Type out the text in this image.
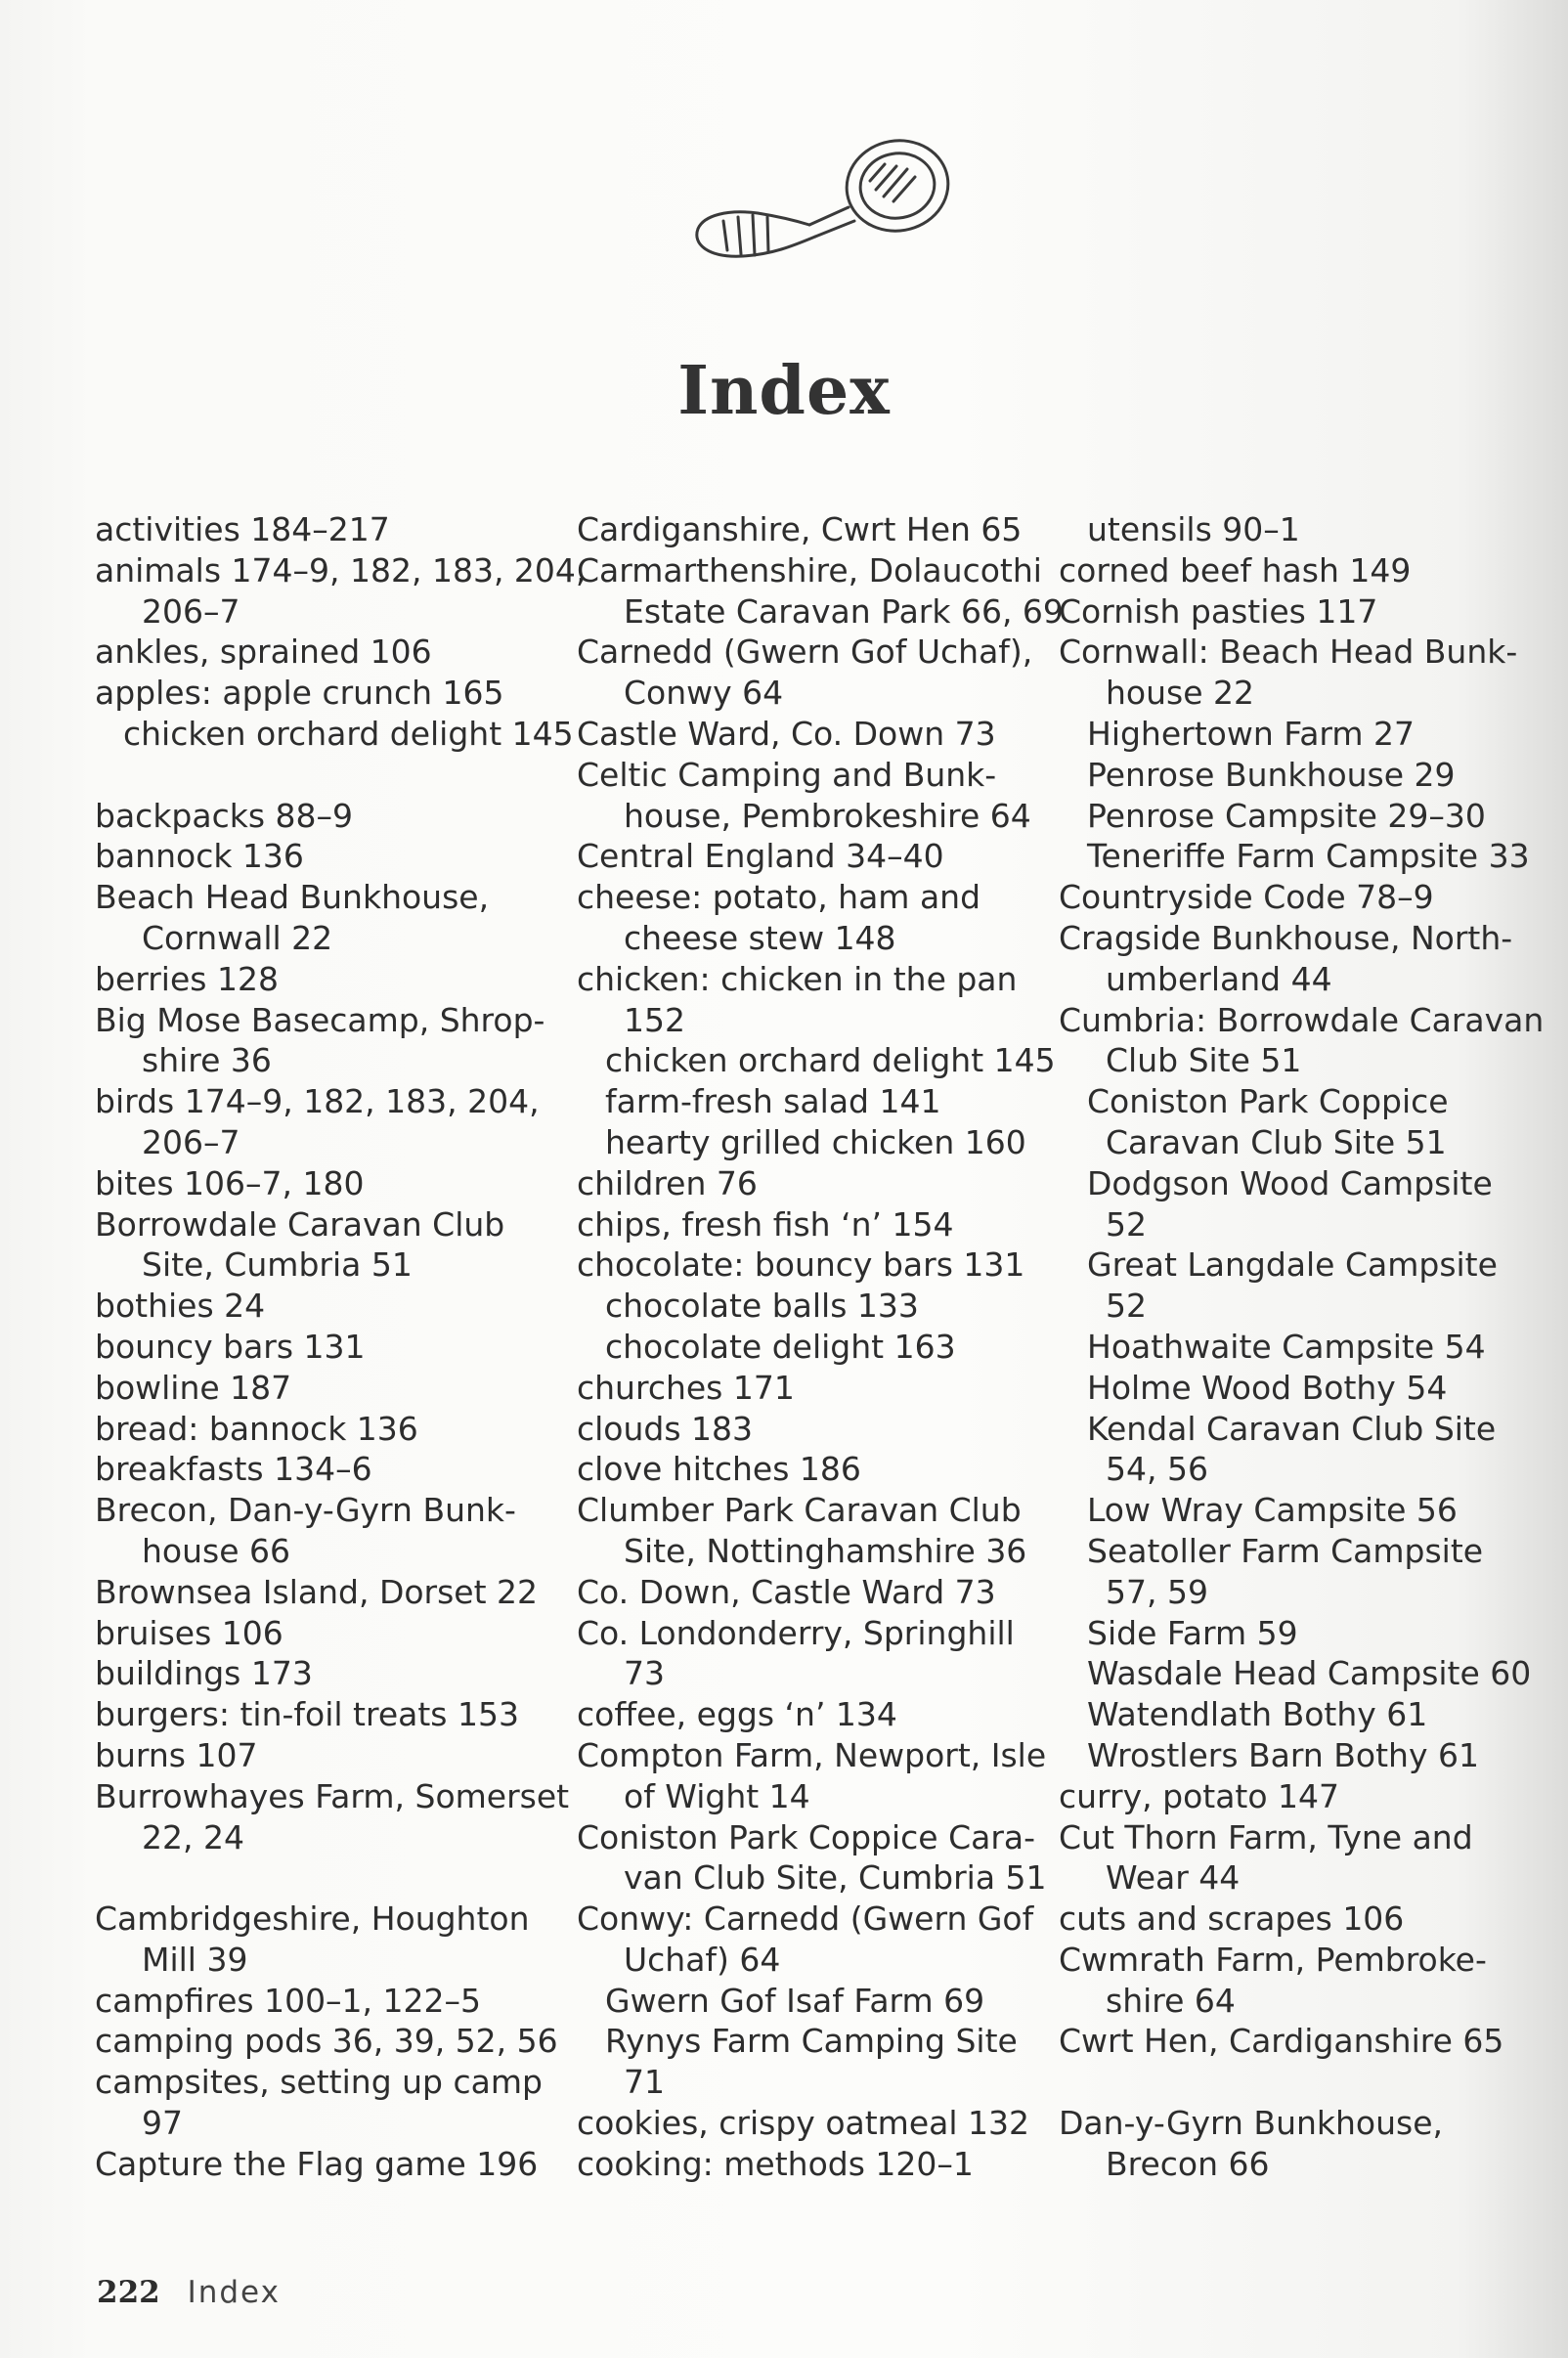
Index
activities 184–217
animals 174–9, 182, 183, 204,
206–7
ankles, sprained 106
apples: apple crunch 165
chicken orchard delight 145
backpacks 88–9
bannock 136
Beach Head Bunkhouse,
Cornwall 22
berries 128
Big Mose Basecamp, Shrop-
shire 36
birds 174–9, 182, 183, 204,
206–7
bites 106–7, 180
Borrowdale Caravan Club
Site, Cumbria 51
bothies 24
bouncy bars 131
bowline 187
bread: bannock 136
breakfasts 134–6
Brecon, Dan-y-Gyrn Bunk-
house 66
Brownsea Island, Dorset 22
bruises 106
buildings 173
burgers: tin-foil treats 153
burns 107
Burrowhayes Farm, Somerset
22, 24
Cambridgeshire, Houghton
Mill 39
campfires 100–1, 122–5
camping pods 36, 39, 52, 56
campsites, setting up camp
97
Capture the Flag game 196
Cardiganshire, Cwrt Hen 65
Carmarthenshire, Dolaucothi
Estate Caravan Park 66, 69
Carnedd (Gwern Gof Uchaf),
Conwy 64
Castle Ward, Co. Down 73
Celtic Camping and Bunk-
house, Pembrokeshire 64
Central England 34–40
cheese: potato, ham and
cheese stew 148
chicken: chicken in the pan
152
chicken orchard delight 145
farm-fresh salad 141
hearty grilled chicken 160
children 76
chips, fresh fish ‘n’ 154
chocolate: bouncy bars 131
chocolate balls 133
chocolate delight 163
churches 171
clouds 183
clove hitches 186
Clumber Park Caravan Club
Site, Nottinghamshire 36
Co. Down, Castle Ward 73
Co. Londonderry, Springhill
73
coffee, eggs ‘n’ 134
Compton Farm, Newport, Isle
of Wight 14
Coniston Park Coppice Cara-
van Club Site, Cumbria 51
Conwy: Carnedd (Gwern Gof
Uchaf) 64
Gwern Gof Isaf Farm 69
Rynys Farm Camping Site
71
cookies, crispy oatmeal 132
cooking: methods 120–1
utensils 90–1
corned beef hash 149
Cornish pasties 117
Cornwall: Beach Head Bunk-
house 22
Highertown Farm 27
Penrose Bunkhouse 29
Penrose Campsite 29–30
Teneriffe Farm Campsite 33
Countryside Code 78–9
Cragside Bunkhouse, North-
umberland 44
Cumbria: Borrowdale Caravan
Club Site 51
Coniston Park Coppice
Caravan Club Site 51
Dodgson Wood Campsite
52
Great Langdale Campsite
52
Hoathwaite Campsite 54
Holme Wood Bothy 54
Kendal Caravan Club Site
54, 56
Low Wray Campsite 56
Seatoller Farm Campsite
57, 59
Side Farm 59
Wasdale Head Campsite 60
Watendlath Bothy 61
Wrostlers Barn Bothy 61
curry, potato 147
Cut Thorn Farm, Tyne and
Wear 44
cuts and scrapes 106
Cwmrath Farm, Pembroke-
shire 64
Cwrt Hen, Cardiganshire 65
Dan-y-Gyrn Bunkhouse,
Brecon 66
222 Index
